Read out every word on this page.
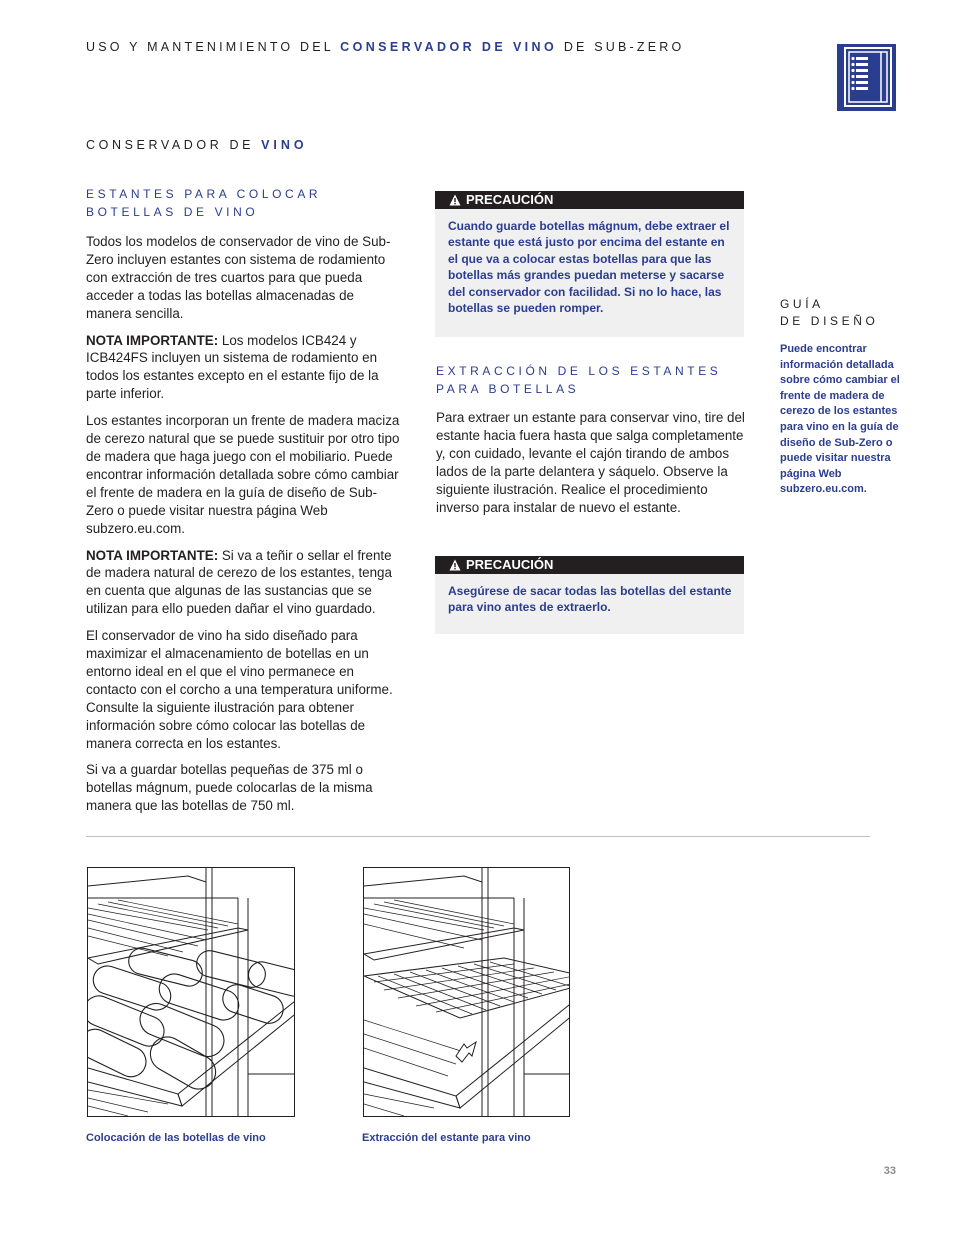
USO Y MANTENIMIENTO DEL CONSERVADOR DE VINO DE SUB-ZERO
CONSERVADOR DE VINO
ESTANTES PARA COLOCAR BOTELLAS DE VINO

Todos los modelos de conservador de vino de Sub-Zero incluyen estantes con sistema de rodamiento con extracción de tres cuartos para que pueda acceder a todas las botellas almacenadas de manera sencilla.

NOTA IMPORTANTE: Los modelos ICB424 y ICB424FS incluyen un sistema de rodamiento en todos los estantes excepto en el estante fijo de la parte inferior.

Los estantes incorporan un frente de madera maciza de cerezo natural que se puede sustituir por otro tipo de madera que haga juego con el mobiliario. Puede encontrar información detallada sobre cómo cambiar el frente de madera en la guía de diseño de Sub-Zero o puede visitar nuestra página Web subzero.eu.com.

NOTA IMPORTANTE: Si va a teñir o sellar el frente de madera natural de cerezo de los estantes, tenga en cuenta que algunas de las sustancias que se utilizan para ello pueden dañar el vino guardado.

El conservador de vino ha sido diseñado para maximizar el almacenamiento de botellas en un entorno ideal en el que el vino permanece en contacto con el corcho a una temperatura uniforme. Consulte la siguiente ilustración para obtener información sobre cómo colocar las botellas de manera correcta en los estantes.

Si va a guardar botellas pequeñas de 375 ml o botellas mágnum, puede colocarlas de la misma manera que las botellas de 750 ml.

PRECAUCIÓN
Cuando guarde botellas mágnum, debe extraer el estante que está justo por encima del estante en el que va a colocar estas botellas para que las botellas más grandes puedan meterse y sacarse del conservador con facilidad. Si no lo hace, las botellas se pueden romper.
EXTRACCIÓN DE LOS ESTANTES PARA BOTELLAS

Para extraer un estante para conservar vino, tire del estante hacia fuera hasta que salga completamente y, con cuidado, levante el cajón tirando de ambos lados de la parte delantera y sáquelo. Observe la siguiente ilustración. Realice el procedimiento inverso para instalar de nuevo el estante.

PRECAUCIÓN
Asegúrese de sacar todas las botellas del estante para vino antes de extraerlo.
GUÍA
DE DISEÑO
Puede encontrar información detallada sobre cómo cambiar el frente de madera de cerezo de los estantes para vino en la guía de diseño de Sub-Zero o puede visitar nuestra página Web subzero.eu.com.
Colocación de las botellas de vino	Extracción del estante para vino
33
